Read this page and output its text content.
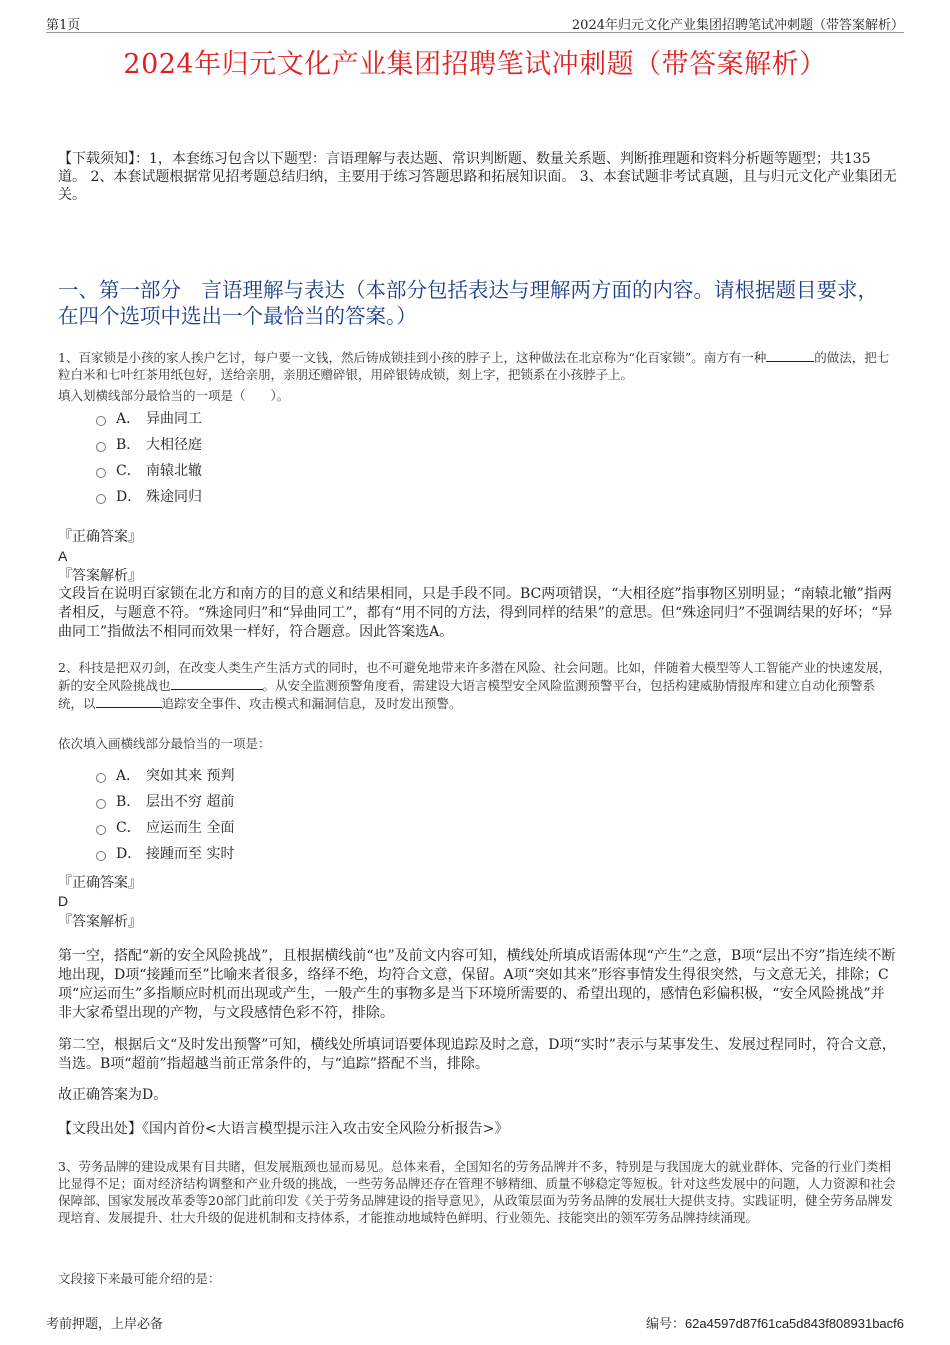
第1页	2024年归元文化产业集团招聘笔试冲刺题（带答案解析）
2024年归元文化产业集团招聘笔试冲刺题（带答案解析）
【下载须知】：1，本套练习包含以下题型：言语理解与表达题、常识判断题、数量关系题、判断推理题和资料分析题等题型；共135道。 2、本套试题根据常见招考题总结归纳，主要用于练习答题思路和拓展知识面。 3、本套试题非考试真题，且与归元文化产业集团无关。
一、第一部分　言语理解与表达（本部分包括表达与理解两方面的内容。请根据题目要求，在四个选项中选出一个最恰当的答案。）
1、百家锁是小孩的家人挨户乞讨，每户要一文钱，然后铸成锁挂到小孩的脖子上，这种做法在北京称为“化百家锁”。南方有一种	的做法，把七粒白米和七叶红茶用纸包好，送给亲朋，亲朋还赠碎银，用碎银铸成锁，刻上字，把锁系在小孩脖子上。
填入划横线部分最恰当的一项是（　　）。
A． 异曲同工
B． 大相径庭
C． 南辕北辙
D． 殊途同归
『正确答案』
A
『答案解析』
文段旨在说明百家锁在北方和南方的目的意义和结果相同，只是手段不同。BC两项错误，“大相径庭”指事物区别明显；“南辕北辙”指两者相反，与题意不符。“殊途同归”和“异曲同工”，都有“用不同的方法，得到同样的结果”的意思。但“殊途同归”不强调结果的好坏；“异曲同工”指做法不相同而效果一样好，符合题意。因此答案选A。
2、科技是把双刃剑，在改变人类生产生活方式的同时，也不可避免地带来许多潜在风险、社会问题。比如，伴随着大模型等人工智能产业的快速发展，新的安全风险挑战也	。从安全监测预警角度看，需建设大语言模型安全风险监测预警平台，包括构建威胁情报库和建立自动化预警系统，以	追踪安全事件、攻击模式和漏洞信息，及时发出预警。
依次填入画横线部分最恰当的一项是：
A． 突如其来 预判
B． 层出不穷 超前
C． 应运而生 全面
D． 接踵而至 实时
『正确答案』
D
『答案解析』
第一空，搭配“新的安全风险挑战”，且根据横线前“也”及前文内容可知，横线处所填成语需体现“产生”之意，B项“层出不穷”指连续不断地出现，D项“接踵而至”比喻来者很多，络绎不绝，均符合文意，保留。A项“突如其来”形容事情发生得很突然，与文意无关，排除；C项“应运而生”多指顺应时机而出现或产生，一般产生的事物多是当下环境所需要的、希望出现的，感情色彩偏积极，“安全风险挑战”并非大家希望出现的产物，与文段感情色彩不符，排除。
第二空，根据后文“及时发出预警”可知，横线处所填词语要体现追踪及时之意，D项“实时”表示与某事发生、发展过程同时，符合文意，当选。B项“超前”指超越当前正常条件的，与“追踪”搭配不当，排除。
故正确答案为D。
【文段出处】《国内首份<大语言模型提示注入攻击安全风险分析报告>》
3、劳务品牌的建设成果有目共睹，但发展瓶颈也显而易见。总体来看，全国知名的劳务品牌并不多，特别是与我国庞大的就业群体、完备的行业门类相比显得不足；面对经济结构调整和产业升级的挑战，一些劳务品牌还存在管理不够精细、质量不够稳定等短板。针对这些发展中的问题，人力资源和社会保障部、国家发展改革委等20部门此前印发《关于劳务品牌建设的指导意见》，从政策层面为劳务品牌的发展壮大提供支持。实践证明，健全劳务品牌发现培育、发展提升、壮大升级的促进机制和支持体系，才能推动地域特色鲜明、行业领先、技能突出的领军劳务品牌持续涌现。
文段接下来最可能介绍的是：
考前押题，上岸必备	编号：62a4597d87f61ca5d843f808931bacf6
